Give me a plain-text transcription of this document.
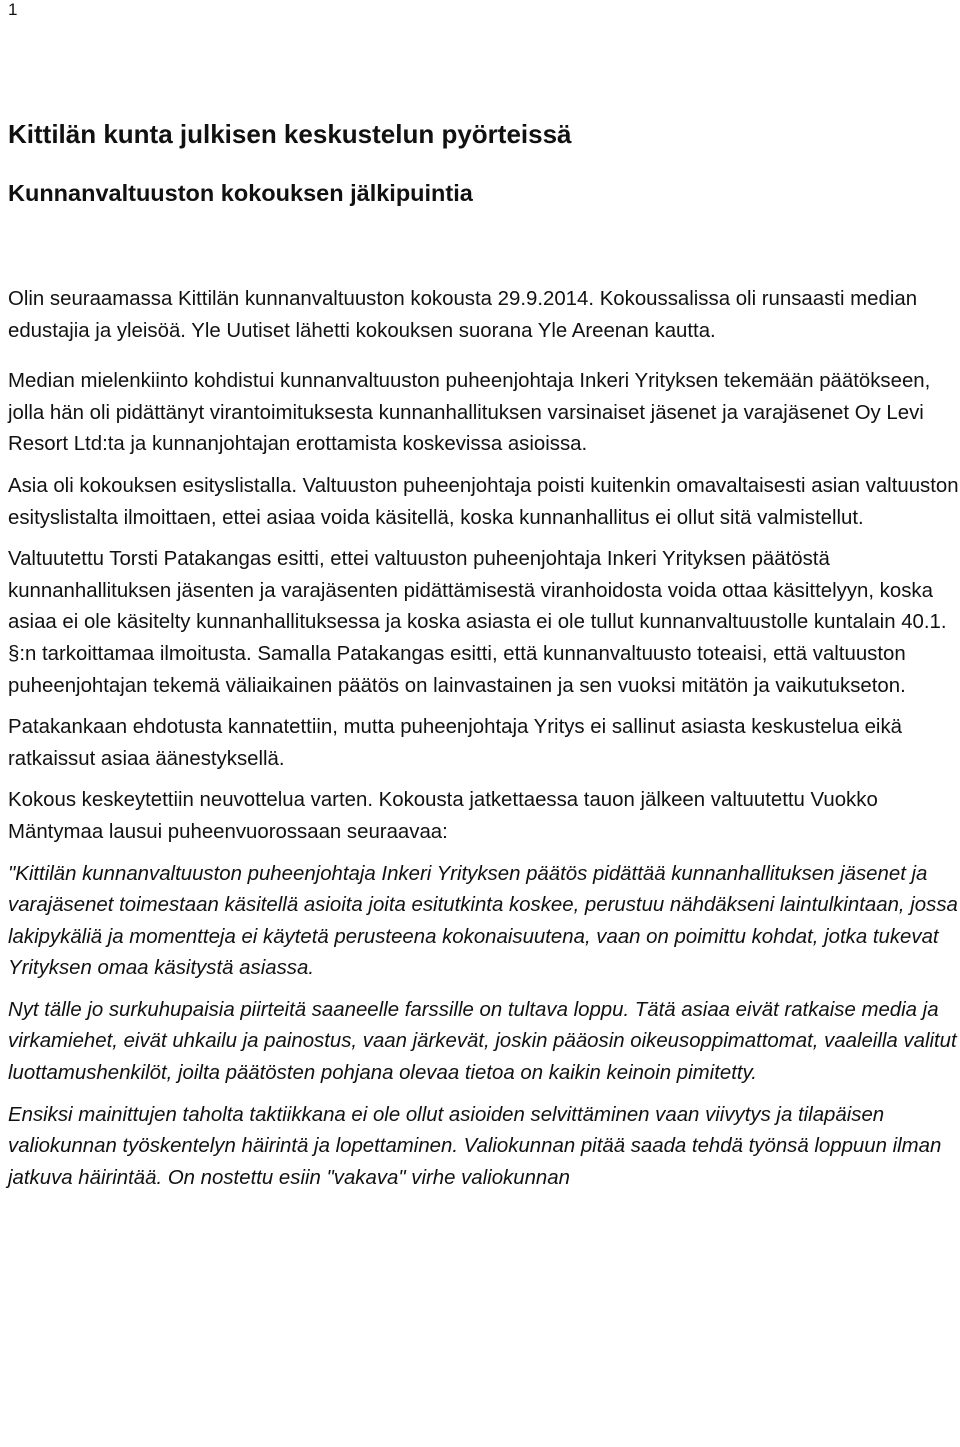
1
Kittilän kunta julkisen keskustelun pyörteissä
Kunnanvaltuuston kokouksen jälkipuintia

Olin seuraamassa Kittilän kunnanvaltuuston kokousta 29.9.2014. Kokoussalissa oli runsaasti median edustajia ja yleisöä. Yle Uutiset lähetti kokouksen suorana Yle Areenan kautta.

Median mielenkiinto kohdistui kunnanvaltuuston puheenjohtaja Inkeri Yrityksen tekemään päätökseen, jolla hän oli pidättänyt virantoimituksesta kunnanhallituksen varsinaiset jäsenet ja varajäsenet Oy Levi Resort Ltd:ta ja kunnanjohtajan erottamista koskevissa asioissa.

Asia oli kokouksen esityslistalla. Valtuuston puheenjohtaja poisti kuitenkin omavaltaisesti asian valtuuston esityslistalta ilmoittaen, ettei asiaa voida käsitellä, koska kunnanhallitus ei ollut sitä valmistellut.

Valtuutettu Torsti Patakangas esitti, ettei valtuuston puheenjohtaja Inkeri Yrityksen päätöstä kunnanhallituksen jäsenten ja varajäsenten pidättämisestä viranhoidosta voida ottaa käsittelyyn, koska asiaa ei ole käsitelty kunnanhallituksessa ja koska asiasta ei ole tullut kunnanvaltuustolle kuntalain 40.1. §:n tarkoittamaa ilmoitusta. Samalla Patakangas esitti, että kunnanvaltuusto toteaisi, että valtuuston puheenjohtajan tekemä väliaikainen päätös on lainvastainen ja sen vuoksi mitätön ja vaikutukseton.

Patakankaan ehdotusta kannatettiin, mutta puheenjohtaja Yritys ei sallinut asiasta keskustelua eikä ratkaissut asiaa äänestyksellä.

Kokous keskeytettiin neuvottelua varten. Kokousta jatkettaessa tauon jälkeen valtuutettu Vuokko Mäntymaa lausui puheenvuorossaan seuraavaa:

"Kittilän kunnanvaltuuston puheenjohtaja Inkeri Yrityksen päätös pidättää kunnanhallituksen jäsenet ja varajäsenet toimestaan käsitellä asioita joita esitutkinta koskee, perustuu nähdäkseni laintulkintaan, jossa lakipykäliä ja momentteja ei käytetä perusteena kokonaisuutena, vaan on poimittu kohdat, jotka tukevat Yrityksen omaa käsitystä asiassa.

Nyt tälle jo surkuhupaisia piirteitä saaneelle farssille on tultava loppu. Tätä asiaa eivät ratkaise media ja virkamiehet, eivät uhkailu ja painostus, vaan järkevät, joskin pääosin oikeusoppimattomat, vaaleilla valitut luottamushenkilöt, joilta päätösten pohjana olevaa tietoa on kaikin keinoin pimitetty.

Ensiksi mainittujen taholta taktiikkana ei ole ollut asioiden selvittäminen vaan viivytys ja tilapäisen valiokunnan työskentelyn häirintä ja lopettaminen. Valiokunnan pitää saada tehdä työnsä loppuun ilman jatkuva häirintää. On nostettu esiin "vakava" virhe valiokunnan
